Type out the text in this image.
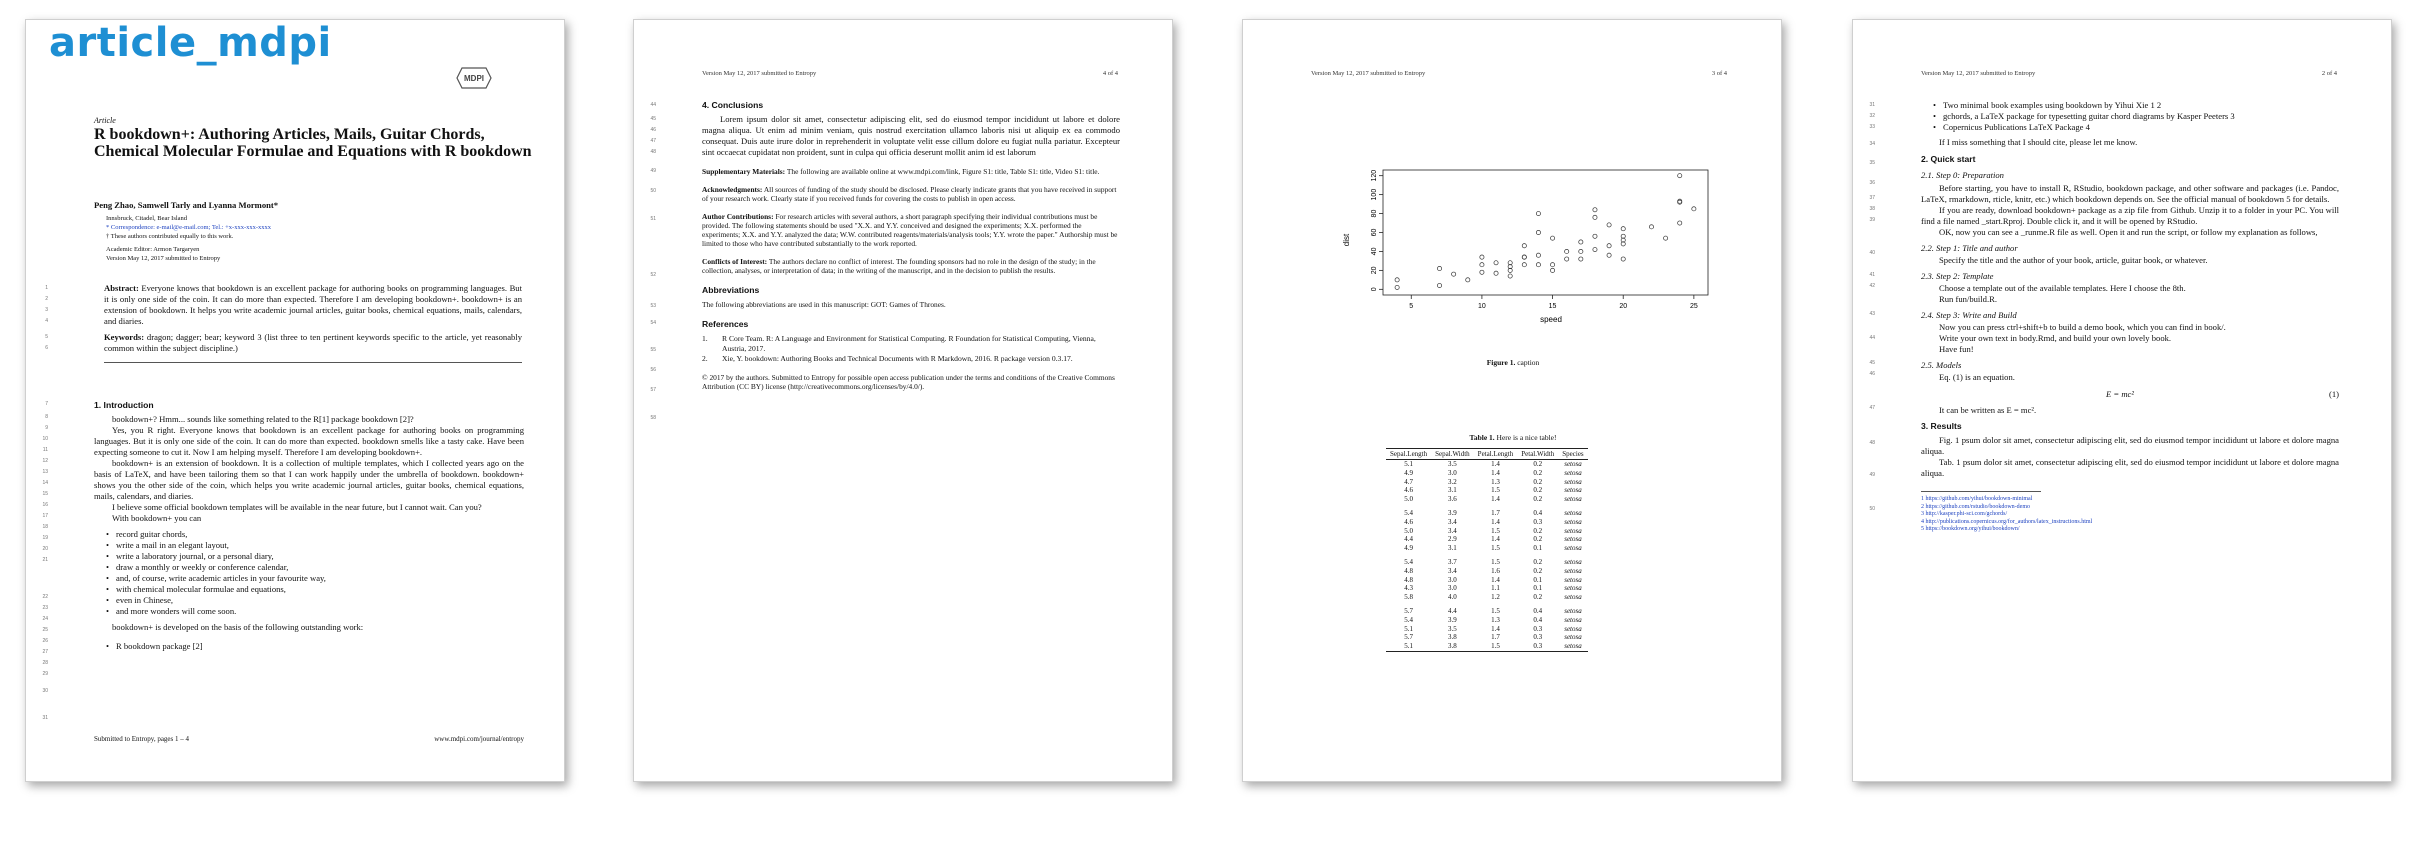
article_mdpi
MDPI
Article
R bookdown+: Authoring Articles, Mails, Guitar Chords, Chemical Molecular Formulae and Equations with R bookdown
Peng Zhao, Samwell Tarly and Lyanna Mormont*
Innsbruck, Citadel, Bear Island
* Correspondence: e-mail@e-mail.com; Tel.: +x-xxx-xxx-xxxx
† These authors contributed equally to this work.
Academic Editor: Armon Targaryen
Version May 12, 2017 submitted to Entropy
Abstract: Everyone knows that bookdown is an excellent package for authoring books on programming languages. But it is only one side of the coin. It can do more than expected. Therefore I am developing bookdown+. bookdown+ is an extension of bookdown. It helps you write academic journal articles, guitar books, chemical equations, mails, calendars, and diaries.
Keywords: dragon; dagger; bear; keyword 3 (list three to ten pertinent keywords specific to the article, yet reasonably common within the subject discipline.)
1. Introduction

bookdown+? Hmm... sounds like something related to the R[1] package bookdown [2]?

Yes, you R right. Everyone knows that bookdown is an excellent package for authoring books on programming languages. But it is only one side of the coin. It can do more than expected. bookdown smells like a tasty cake. Have been expecting someone to cut it. Now I am helping myself. Therefore I am developing bookdown+.

bookdown+ is an extension of bookdown. It is a collection of multiple templates, which I collected years ago on the basis of LaTeX, and have been tailoring them so that I can work happily under the umbrella of bookdown. bookdown+ shows you the other side of the coin, which helps you write academic journal articles, guitar books, chemical equations, mails, calendars, and diaries.

I believe some official bookdown templates will be available in the near future, but I cannot wait. Can you?

With bookdown+ you can

• record guitar chords,
• write a mail in an elegant layout,
• write a laboratory journal, or a personal diary,
• draw a monthly or weekly or conference calendar,
• and, of course, write academic articles in your favourite way,
• with chemical molecular formulae and equations,
• even in Chinese,
• and more wonders will come soon.

bookdown+ is developed on the basis of the following outstanding work:

• R bookdown package [2]
Submitted to Entropy, pages 1 – 4	www.mdpi.com/journal/entropy
1
2
3
4
5
6
7
8
9
10
11
12
13
14
15
16
17
18
19
20
21
22
23
24
25
26
27
28
29
30
31
Version May 12, 2017 submitted to Entropy	4 of 4
4. Conclusions

Lorem ipsum dolor sit amet, consectetur adipiscing elit, sed do eiusmod tempor incididunt ut labore et dolore magna aliqua. Ut enim ad minim veniam, quis nostrud exercitation ullamco laboris nisi ut aliquip ex ea commodo consequat. Duis aute irure dolor in reprehenderit in voluptate velit esse cillum dolore eu fugiat nulla pariatur. Excepteur sint occaecat cupidatat non proident, sunt in culpa qui officia deserunt mollit anim id est laborum

Supplementary Materials: The following are available online at www.mdpi.com/link, Figure S1: title, Table S1: title, Video S1: title.

Acknowledgments: All sources of funding of the study should be disclosed. Please clearly indicate grants that you have received in support of your research work. Clearly state if you received funds for covering the costs to publish in open access.

Author Contributions: For research articles with several authors, a short paragraph specifying their individual contributions must be provided. The following statements should be used "X.X. and Y.Y. conceived and designed the experiments; X.X. performed the experiments; X.X. and Y.Y. analyzed the data; W.W. contributed reagents/materials/analysis tools; Y.Y. wrote the paper." Authorship must be limited to those who have contributed substantially to the work reported.

Conflicts of Interest: The authors declare no conflict of interest. The founding sponsors had no role in the design of the study; in the collection, analyses, or interpretation of data; in the writing of the manuscript, and in the decision to publish the results.

Abbreviations

The following abbreviations are used in this manuscript: GOT: Games of Thrones.

References
1. R Core Team. R: A Language and Environment for Statistical Computing. R Foundation for Statistical Computing, Vienna, Austria, 2017.
2. Xie, Y. bookdown: Authoring Books and Technical Documents with R Markdown, 2016. R package version 0.3.17.

© 2017 by the authors. Submitted to Entropy for possible open access publication under the terms and conditions of the Creative Commons Attribution (CC BY) license (http://creativecommons.org/licenses/by/4.0/).

44
45
46
47
48
49
50
51
52
53
54
55
56
57
58
Version May 12, 2017 submitted to Entropy	3 of 4
5	10	15	20	25
0
20
40
60
80
100
120
speed
dist
Figure 1. caption
Table 1. Here is a nice table!
Sepal.Length	Sepal.Width	Petal.Length	Petal.Width	Species
5.1	3.5	1.4	0.2	setosa
4.9	3.0	1.4	0.2	setosa
4.7	3.2	1.3	0.2	setosa
4.6	3.1	1.5	0.2	setosa
5.0	3.6	1.4	0.2	setosa
5.4	3.9	1.7	0.4	setosa
4.6	3.4	1.4	0.3	setosa
5.0	3.4	1.5	0.2	setosa
4.4	2.9	1.4	0.2	setosa
4.9	3.1	1.5	0.1	setosa
5.4	3.7	1.5	0.2	setosa
4.8	3.4	1.6	0.2	setosa
4.8	3.0	1.4	0.1	setosa
4.3	3.0	1.1	0.1	setosa
5.8	4.0	1.2	0.2	setosa
5.7	4.4	1.5	0.4	setosa
5.4	3.9	1.3	0.4	setosa
5.1	3.5	1.4	0.3	setosa
5.7	3.8	1.7	0.3	setosa
5.1	3.8	1.5	0.3	setosa
Version May 12, 2017 submitted to Entropy	2 of 4
• Two minimal book examples using bookdown by Yihui Xie 1 2
• gchords, a LaTeX package for typesetting guitar chord diagrams by Kasper Peeters 3
• Copernicus Publications LaTeX Package 4

If I miss something that I should cite, please let me know.

2. Quick start
2.1. Step 0: Preparation

Before starting, you have to install R, RStudio, bookdown package, and other software and packages (i.e. Pandoc, LaTeX, rmarkdown, rticle, knitr, etc.) which bookdown depends on. See the official manual of bookdown 5 for details.

If you are ready, download bookdown+ package as a zip file from Github. Unzip it to a folder in your PC. You will find a file named _start.Rproj. Double click it, and it will be opened by RStudio.

OK, now you can see a _runme.R file as well. Open it and run the script, or follow my explanation as follows,

2.2. Step 1: Title and author

Specify the title and the author of your book, article, guitar book, or whatever.

2.3. Step 2: Template

Choose a template out of the available templates. Here I choose the 8th.

Run fun/build.R.

2.4. Step 3: Write and Build

Now you can press ctrl+shift+b to build a demo book, which you can find in book/.

Write your own text in body.Rmd, and build your own lovely book.

Have fun!

2.5. Models

Eq. (1) is an equation.

E = mc²	(1)

It can be written as E = mc².

3. Results

Fig. 1 psum dolor sit amet, consectetur adipiscing elit, sed do eiusmod tempor incididunt ut labore et dolore magna aliqua.

Tab. 1 psum dolor sit amet, consectetur adipiscing elit, sed do eiusmod tempor incididunt ut labore et dolore magna aliqua.

1 https://github.com/yihui/bookdown-minimal
2 https://github.com/rstudio/bookdown-demo
3 http://kasper.phi-sci.com/gchords/
4 http://publications.copernicus.org/for_authors/latex_instructions.html
5 https://bookdown.org/yihui/bookdown/
31
32
33
34
35
36
37
38
39
40
41
42
43
44
45
46
47
48
49
50
